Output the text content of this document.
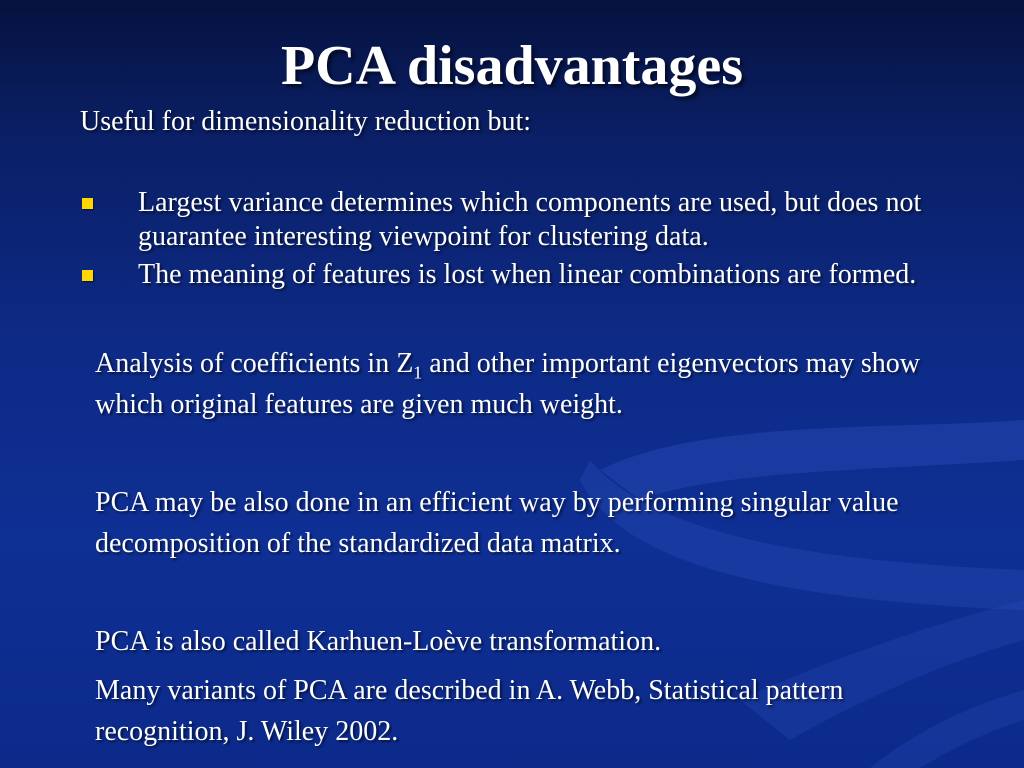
PCA disadvantages

Useful for dimensionality reduction but:

Largest variance determines which components are used, but does not guarantee interesting viewpoint for clustering data.
The meaning of features is lost when linear combinations are formed.

Analysis of coefficients in $Z_1$ and other important eigenvectors may show which original features are given much weight.

PCA may be also done in an efficient way by performing singular value decomposition of the standardized data matrix.

PCA is also called Karhuen-Loève transformation.

Many variants of PCA are described in A. Webb, Statistical pattern recognition, J. Wiley 2002.
